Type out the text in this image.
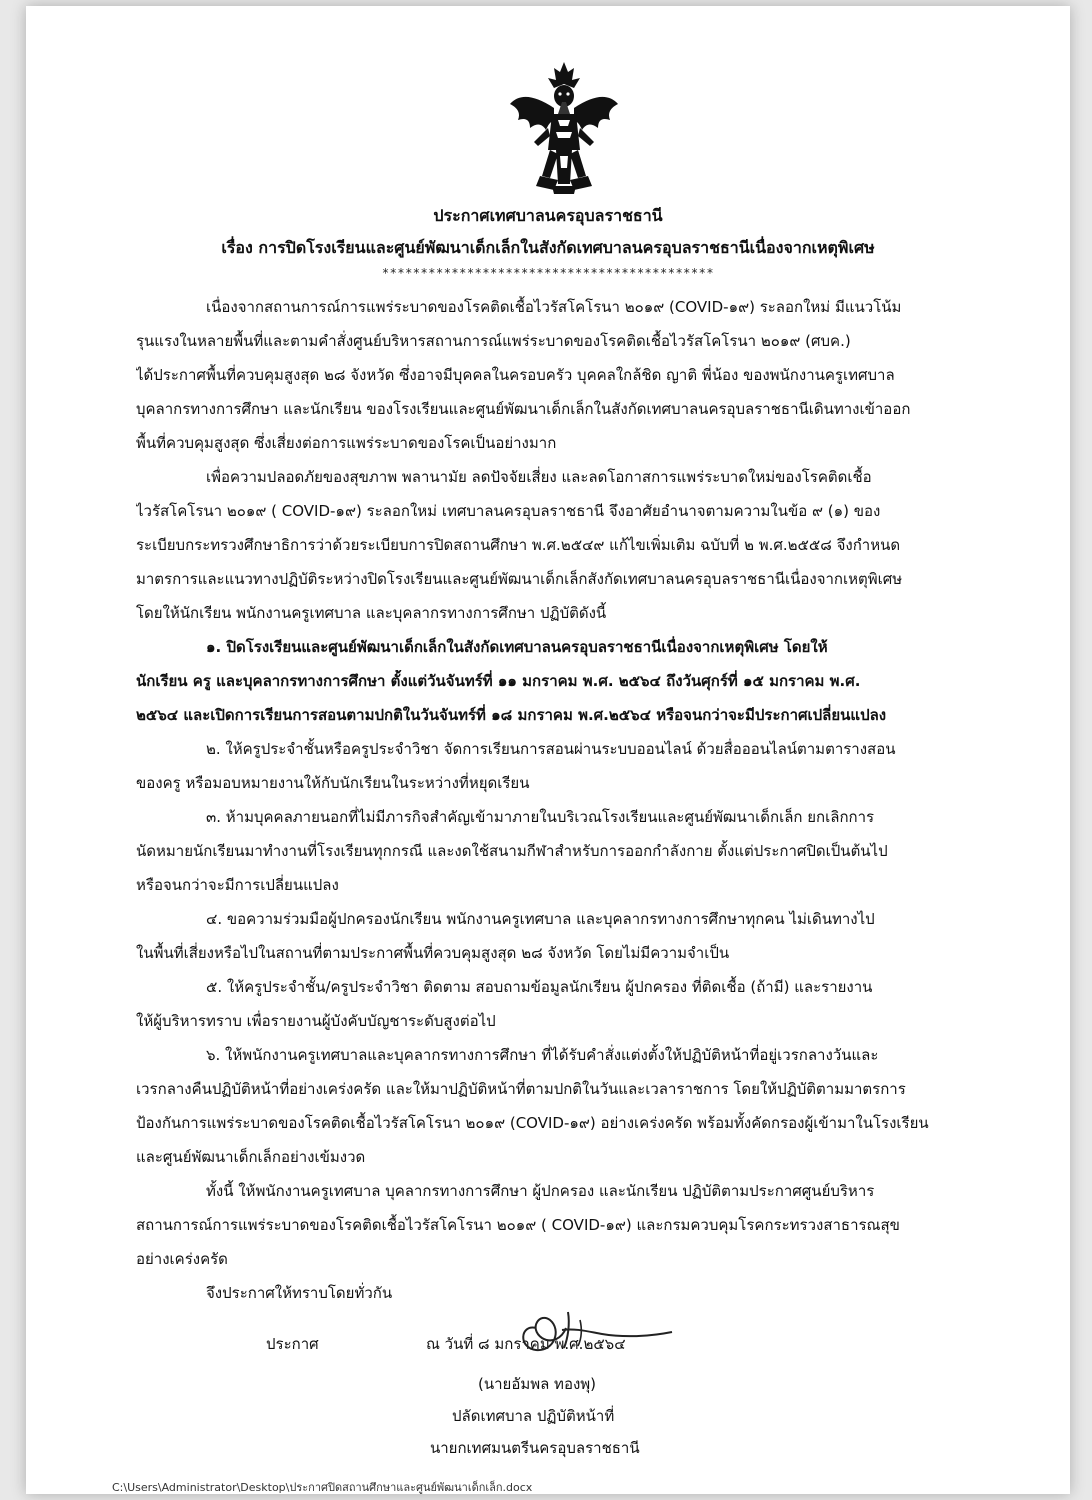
ประกาศเทศบาลนครอุบลราชธานี
เรื่อง การปิดโรงเรียนและศูนย์พัฒนาเด็กเล็กในสังกัดเทศบาลนครอุบลราชธานีเนื่องจากเหตุพิเศษ
*******************************************
เนื่องจากสถานการณ์การแพร่ระบาดของโรคติดเชื้อไวรัสโคโรนา ๒๐๑๙ (COVID-๑๙) ระลอกใหม่ มีแนวโน้ม
รุนแรงในหลายพื้นที่และตามคำสั่งศูนย์บริหารสถานการณ์แพร่ระบาดของโรคติดเชื้อไวรัสโคโรนา ๒๐๑๙ (ศบค.)
ได้ประกาศพื้นที่ควบคุมสูงสุด ๒๘ จังหวัด ซึ่งอาจมีบุคคลในครอบครัว บุคคลใกล้ชิด ญาติ พี่น้อง ของพนักงานครูเทศบาล
บุคลากรทางการศึกษา และนักเรียน ของโรงเรียนและศูนย์พัฒนาเด็กเล็กในสังกัดเทศบาลนครอุบลราชธานีเดินทางเข้าออก
พื้นที่ควบคุมสูงสุด ซึ่งเสี่ยงต่อการแพร่ระบาดของโรคเป็นอย่างมาก
เพื่อความปลอดภัยของสุขภาพ พลานามัย ลดปัจจัยเสี่ยง และลดโอกาสการแพร่ระบาดใหม่ของโรคติดเชื้อ
ไวรัสโคโรนา ๒๐๑๙ ( COVID-๑๙) ระลอกใหม่ เทศบาลนครอุบลราชธานี จึงอาศัยอำนาจตามความในข้อ ๙ (๑) ของ
ระเบียบกระทรวงศึกษาธิการว่าด้วยระเบียบการปิดสถานศึกษา พ.ศ.๒๕๔๙ แก้ไขเพิ่มเติม ฉบับที่ ๒ พ.ศ.๒๕๕๘ จึงกำหนด
มาตรการและแนวทางปฏิบัติระหว่างปิดโรงเรียนและศูนย์พัฒนาเด็กเล็กสังกัดเทศบาลนครอุบลราชธานีเนื่องจากเหตุพิเศษ
โดยให้นักเรียน พนักงานครูเทศบาล และบุคลากรทางการศึกษา ปฏิบัติดังนี้
๑. ปิดโรงเรียนและศูนย์พัฒนาเด็กเล็กในสังกัดเทศบาลนครอุบลราชธานีเนื่องจากเหตุพิเศษ โดยให้
นักเรียน ครู และบุคลากรทางการศึกษา ตั้งแต่วันจันทร์ที่ ๑๑ มกราคม พ.ศ. ๒๕๖๔ ถึงวันศุกร์ที่ ๑๕ มกราคม พ.ศ.
๒๕๖๔ และเปิดการเรียนการสอนตามปกติในวันจันทร์ที่ ๑๘ มกราคม พ.ศ.๒๕๖๔ หรือจนกว่าจะมีประกาศเปลี่ยนแปลง
๒. ให้ครูประจำชั้นหรือครูประจำวิชา จัดการเรียนการสอนผ่านระบบออนไลน์ ด้วยสื่อออนไลน์ตามตารางสอน
ของครู หรือมอบหมายงานให้กับนักเรียนในระหว่างที่หยุดเรียน
๓. ห้ามบุคคลภายนอกที่ไม่มีภารกิจสำคัญเข้ามาภายในบริเวณโรงเรียนและศูนย์พัฒนาเด็กเล็ก ยกเลิกการ
นัดหมายนักเรียนมาทำงานที่โรงเรียนทุกกรณี และงดใช้สนามกีฬาสำหรับการออกกำลังกาย ตั้งแต่ประกาศปิดเป็นต้นไป
หรือจนกว่าจะมีการเปลี่ยนแปลง
๔. ขอความร่วมมือผู้ปกครองนักเรียน พนักงานครูเทศบาล และบุคลากรทางการศึกษาทุกคน ไม่เดินทางไป
ในพื้นที่เสี่ยงหรือไปในสถานที่ตามประกาศพื้นที่ควบคุมสูงสุด ๒๘ จังหวัด โดยไม่มีความจำเป็น
๕. ให้ครูประจำชั้น/ครูประจำวิชา ติดตาม สอบถามข้อมูลนักเรียน ผู้ปกครอง ที่ติดเชื้อ (ถ้ามี) และรายงาน
ให้ผู้บริหารทราบ เพื่อรายงานผู้บังคับบัญชาระดับสูงต่อไป
๖. ให้พนักงานครูเทศบาลและบุคลากรทางการศึกษา ที่ได้รับคำสั่งแต่งตั้งให้ปฏิบัติหน้าที่อยู่เวรกลางวันและ
เวรกลางคืนปฏิบัติหน้าที่อย่างเคร่งครัด และให้มาปฏิบัติหน้าที่ตามปกติในวันและเวลาราชการ โดยให้ปฏิบัติตามมาตรการ
ป้องกันการแพร่ระบาดของโรคติดเชื้อไวรัสโคโรนา ๒๐๑๙ (COVID-๑๙) อย่างเคร่งครัด พร้อมทั้งคัดกรองผู้เข้ามาในโรงเรียน
และศูนย์พัฒนาเด็กเล็กอย่างเข้มงวด
ทั้งนี้ ให้พนักงานครูเทศบาล บุคลากรทางการศึกษา ผู้ปกครอง และนักเรียน ปฏิบัติตามประกาศศูนย์บริหาร
สถานการณ์การแพร่ระบาดของโรคติดเชื้อไวรัสโคโรนา ๒๐๑๙ ( COVID-๑๙) และกรมควบคุมโรคกระทรวงสาธารณสุข
อย่างเคร่งครัด
จึงประกาศให้ทราบโดยทั่วกัน
ประกาศ	ณ วันที่ ๘ มกราคม พ.ศ.๒๕๖๔
(นายอัมพล ทองพุ)
ปลัดเทศบาล ปฏิบัติหน้าที่
นายกเทศมนตรีนครอุบลราชธานี
C:\Users\Administrator\Desktop\ประกาศปิดสถานศึกษาและศูนย์พัฒนาเด็กเล็ก.docx
